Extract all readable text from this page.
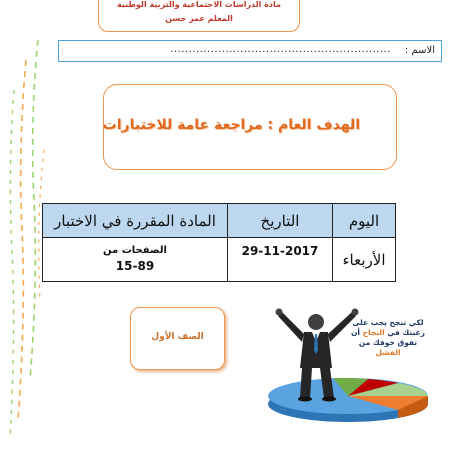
مادة الدراسات الاجتماعية والتربية الوطنية
المعلم عمر حسن
الاسم :
............................................................
الهدف العام : مراجعة عامة للاختبارات
اليوم	التاريخ	المادة المقررة في الاختبار
الأربعاء	29-11-2017	الصفحات من
15-89
الصف الأول
لكي تنجح يجب على
رغبتك في النجاح أن
تفوق خوفك من
الفشل
